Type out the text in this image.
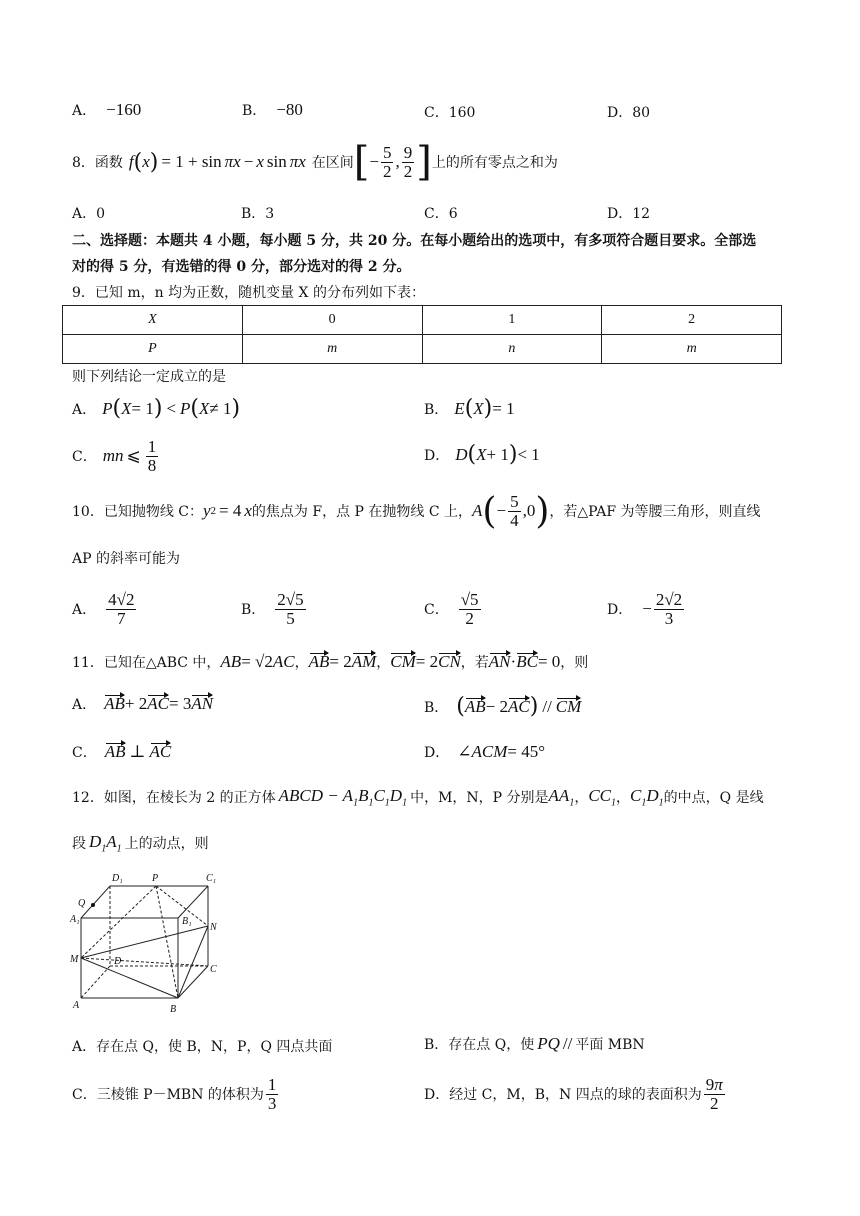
A． −160	B． −80	C．160	D．80
8． 函数 f ( x ) = 1 + sin πx − x sin πx 在区间 [ − $\frac{5}{2}$ , $\frac{9}{2}$ ] 上的所有零点之和为
A．0	B．3	C．6	D．12
二、选择题：本题共 4 小题，每小题 5 分，共 20 分。在每小题给出的选项中，有多项符合题目要求。全部选
对的得 5 分，有选错的得 0 分，部分选对的得 2 分。
9．已知 m，n 均为正数，随机变量 X 的分布列如下表：
X	0	1	2
P	m	n	m
则下列结论一定成立的是
A． P ( X = 1 ) < P ( X ≠ 1 )	B． E ( X ) = 1
C． mn ⩽ $\frac{1}{8}$	D． D ( X + 1 ) < 1
10．已知抛物线 C： y 2 = 4 x 的焦点为 F，点 P 在抛物线 C 上， A ( − $\frac{5}{4} ,0$ ) ，若△PAF 为等腰三角形，则直线
AP 的斜率可能为
A． $\frac{4√2}{7}$	B． $\frac{2√5}{5}$	C． $\frac{√5}{2}$	D． − $\frac{2√2}{3}$
11．已知在△ABC 中， AB = √2 AC ， AB = 2 AM ， CM = 2 CN ，若 AN · BC = 0 ，则
A． AB + 2 AC = 3 AN	B． ( AB − 2 AC ) // CM
C． AB ⊥ AC	D． ∠ ACM = 45°
12．如图，在棱长为 2 的正方体 ABCD − $A_1B_1C_1D_1$ 中，M，N，P 分别是 $AA_1$ ， $CC_1$ ， $C_1D_1$ 的中点，Q 是线
段 $D_1A_1$ 上的动点，则
D₁	P	C₁
Q
A₁	B₁
N
M	D
C
A	B
A．存在点 Q，使 B，N，P，Q 四点共面	B．存在点 Q，使 PQ // 平面 MBN
C．三棱锥 P－MBN 的体积为 $\frac{1}{3}$	D．经过 C，M，B，N 四点的球的表面积为 $\frac{9\pi}{2}$
